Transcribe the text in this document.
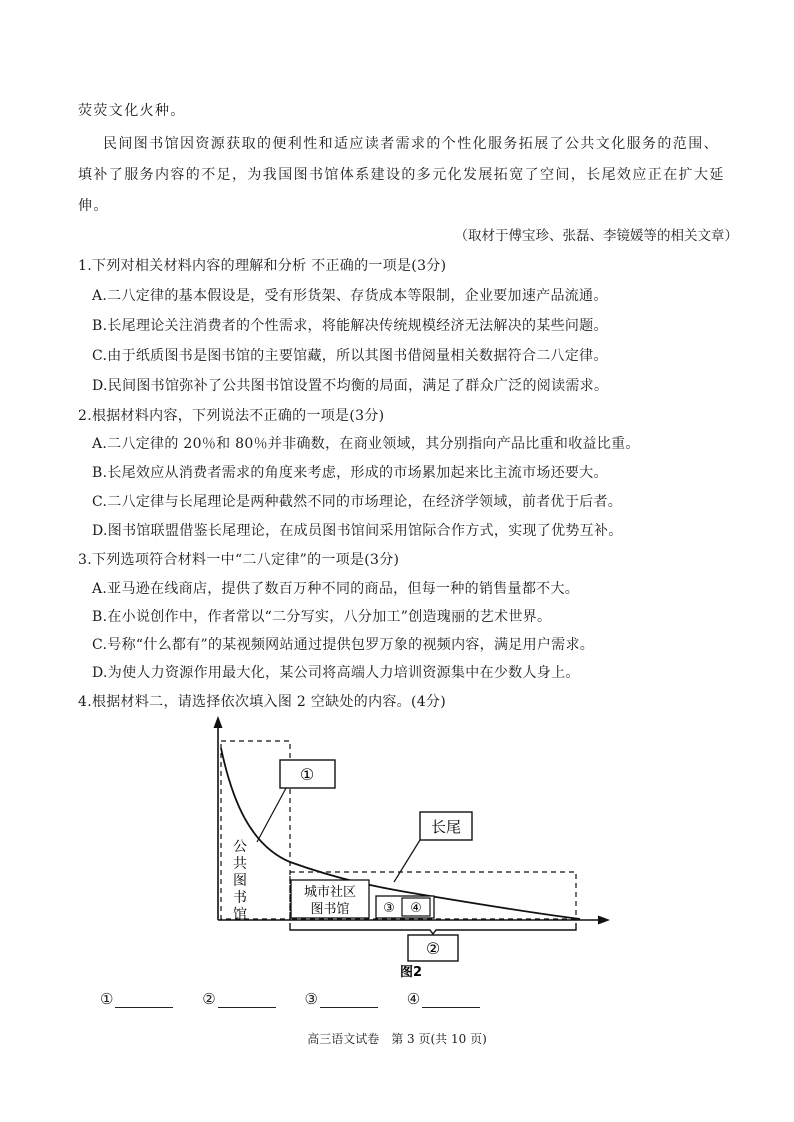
荧荧文化火种。
民间图书馆因资源获取的便利性和适应读者需求的个性化服务拓展了公共文化服务的范围、
填补了服务内容的不足，为我国图书馆体系建设的多元化发展拓宽了空间，长尾效应正在扩大延
伸。
（取材于傅宝珍、张磊、李镜媛等的相关文章）
1.下列对相关材料内容的理解和分析 不正确的一项是(3分)
A.二八定律的基本假设是，受有形货架、存货成本等限制，企业要加速产品流通。
B.长尾理论关注消费者的个性需求，将能解决传统规模经济无法解决的某些问题。
C.由于纸质图书是图书馆的主要馆藏，所以其图书借阅量相关数据符合二八定律。
D.民间图书馆弥补了公共图书馆设置不均衡的局面，满足了群众广泛的阅读需求。
2.根据材料内容，下列说法不正确的一项是(3分)
A.二八定律的 20％和 80％并非确数，在商业领域，其分别指向产品比重和收益比重。
B.长尾效应从消费者需求的角度来考虑，形成的市场累加起来比主流市场还要大。
C.二八定律与长尾理论是两种截然不同的市场理论，在经济学领域，前者优于后者。
D.图书馆联盟借鉴长尾理论，在成员图书馆间采用馆际合作方式，实现了优势互补。
3.下列选项符合材料一中“二八定律”的一项是(3分)
A.亚马逊在线商店，提供了数百万种不同的商品，但每一种的销售量都不大。
B.在小说创作中，作者常以“二分写实，八分加工”创造瑰丽的艺术世界。
C.号称“什么都有”的某视频网站通过提供包罗万象的视频内容，满足用户需求。
D.为使人力资源作用最大化，某公司将高端人力培训资源集中在少数人身上。
4.根据材料二，请选择依次填入图 2 空缺处的内容。(4分)
①
长尾
公
共
图
书
馆
城市社区
图书馆	③ ④
②
图2
①	②	③	④
高三语文试卷　第 3 页(共 10 页)
